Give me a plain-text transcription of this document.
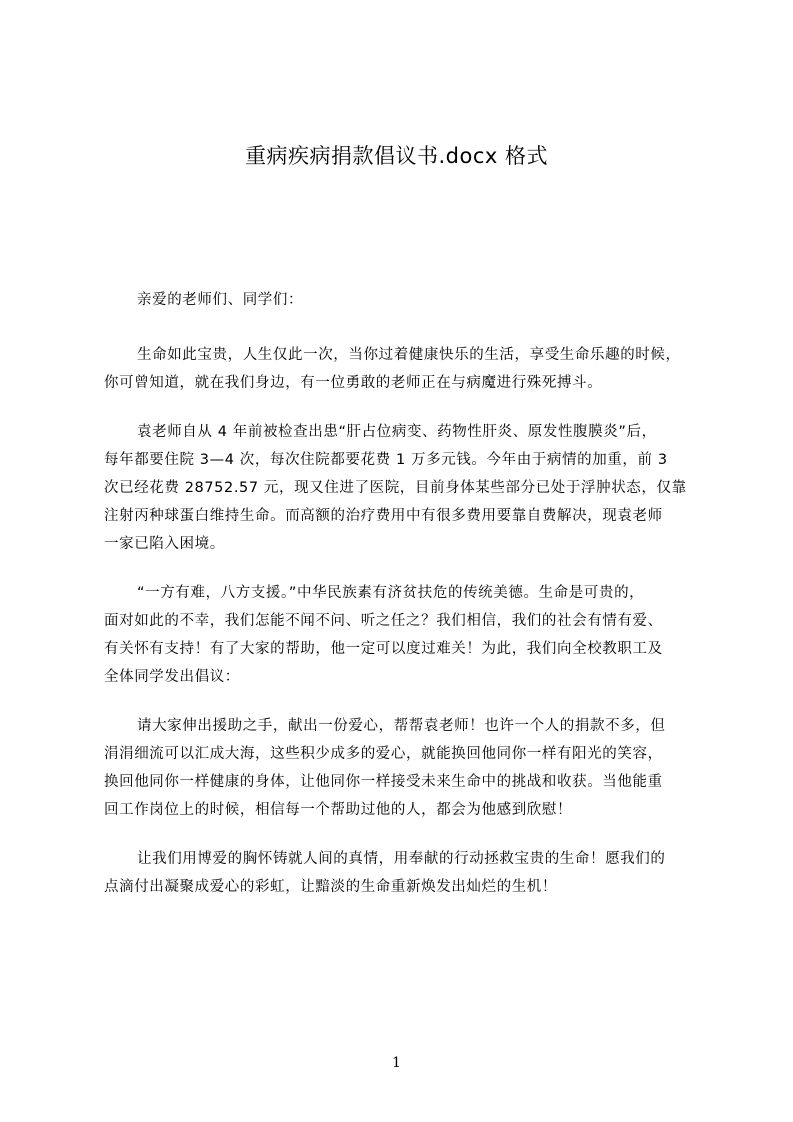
重病疾病捐款倡议书.docx 格式
亲爱的老师们、同学们：
生命如此宝贵，人生仅此一次，当你过着健康快乐的生活，享受生命乐趣的时候，
你可曾知道，就在我们身边，有一位勇敢的老师正在与病魔进行殊死搏斗。
袁老师自从 4 年前被检查出患“肝占位病变、药物性肝炎、原发性腹膜炎”后，
每年都要住院 3—4 次，每次住院都要花费 1 万多元钱。今年由于病情的加重，前 3
次已经花费 28752.57 元，现又住进了医院，目前身体某些部分已处于浮肿状态，仅靠
注射丙种球蛋白维持生命。而高额的治疗费用中有很多费用要靠自费解决，现袁老师
一家已陷入困境。
“一方有难，八方支援。”中华民族素有济贫扶危的传统美德。生命是可贵的，
面对如此的不幸，我们怎能不闻不问、听之任之？我们相信，我们的社会有情有爱、
有关怀有支持！有了大家的帮助，他一定可以度过难关！为此，我们向全校教职工及
全体同学发出倡议：
请大家伸出援助之手，献出一份爱心，帮帮袁老师！也许一个人的捐款不多，但
涓涓细流可以汇成大海，这些积少成多的爱心，就能换回他同你一样有阳光的笑容，
换回他同你一样健康的身体，让他同你一样接受未来生命中的挑战和收获。当他能重
回工作岗位上的时候，相信每一个帮助过他的人，都会为他感到欣慰！
让我们用博爱的胸怀铸就人间的真情，用奉献的行动拯救宝贵的生命！愿我们的
点滴付出凝聚成爱心的彩虹，让黯淡的生命重新焕发出灿烂的生机！
1
